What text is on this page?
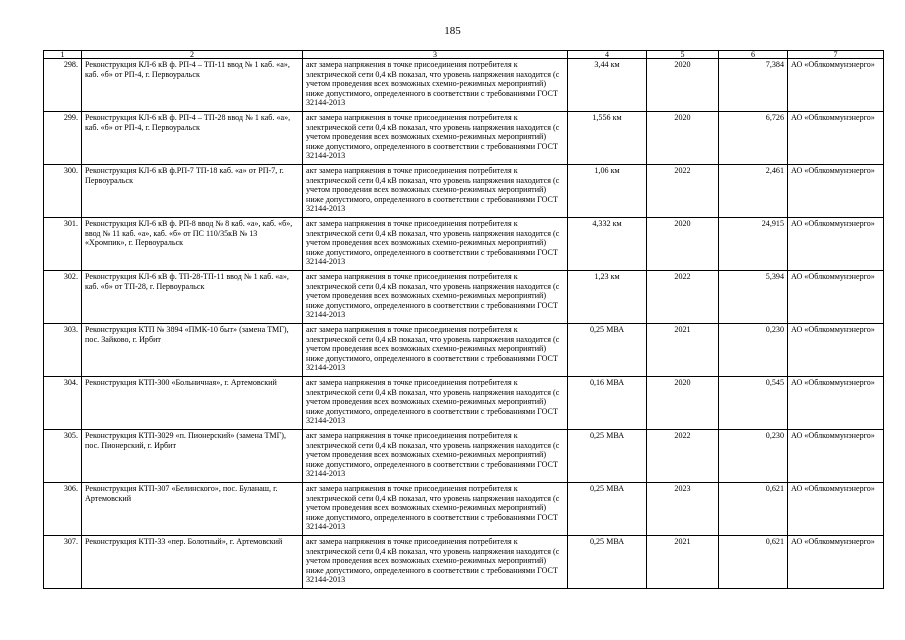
185
1	2	3	4	5	6	7
298.	Реконструкция КЛ-6 кВ ф. РП-4 – ТП-11 ввод № 1 каб. «а», каб. «б» от РП-4, г. Первоуральск	акт замера напряжения в точке присоединения потребителя к электрической сети 0,4 кВ показал, что уровень напряжения находится (с учетом проведения всех возможных схемно-режимных мероприятий) ниже допустимого, определенного в соответствии с требованиями ГОСТ 32144-2013	3,44 км	2020	7,384	АО «Облкоммунэнерго»
299.	Реконструкция КЛ-6 кВ ф. РП-4 – ТП-28 ввод № 1 каб. «а», каб. «б» от РП-4, г. Первоуральск	акт замера напряжения в точке присоединения потребителя к электрической сети 0,4 кВ показал, что уровень напряжения находится (с учетом проведения всех возможных схемно-режимных мероприятий) ниже допустимого, определенного в соответствии с требованиями ГОСТ 32144-2013	1,556 км	2020	6,726	АО «Облкоммунэнерго»
300.	Реконструкция КЛ-6 кВ ф.РП-7 ТП-18 каб. «а» от РП-7, г. Первоуральск	акт замера напряжения в точке присоединения потребителя к электрической сети 0,4 кВ показал, что уровень напряжения находится (с учетом проведения всех возможных схемно-режимных мероприятий) ниже допустимого, определенного в соответствии с требованиями ГОСТ 32144-2013	1,06 км	2022	2,461	АО «Облкоммунэнерго»
301.	Реконструкция КЛ-6 кВ ф. РП-8 ввод № 8 каб. «а», каб. «б», ввод № 11 каб. «а», каб. «б» от ПС 110/35кВ № 13 «Хромпик», г. Первоуральск	акт замера напряжения в точке присоединения потребителя к электрической сети 0,4 кВ показал, что уровень напряжения находится (с учетом проведения всех возможных схемно-режимных мероприятий) ниже допустимого, определенного в соответствии с требованиями ГОСТ 32144-2013	4,332 км	2020	24,915	АО «Облкоммунэнерго»
302.	Реконструкция КЛ-6 кВ ф. ТП-28-ТП-11 ввод № 1 каб. «а», каб. «б» от ТП-28, г. Первоуральск	акт замера напряжения в точке присоединения потребителя к электрической сети 0,4 кВ показал, что уровень напряжения находится (с учетом проведения всех возможных схемно-режимных мероприятий) ниже допустимого, определенного в соответствии с требованиями ГОСТ 32144-2013	1,23 км	2022	5,394	АО «Облкоммунэнерго»
303.	Реконструкция КТП № 3894 «ПМК-10 быт» (замена ТМГ), пос. Зайково, г. Ирбит	акт замера напряжения в точке присоединения потребителя к электрической сети 0,4 кВ показал, что уровень напряжения находится (с учетом проведения всех возможных схемно-режимных мероприятий) ниже допустимого, определенного в соответствии с требованиями ГОСТ 32144-2013	0,25 МВА	2021	0,230	АО «Облкоммунэнерго»
304.	Реконструкция КТП-300 «Больничная», г. Артемовский	акт замера напряжения в точке присоединения потребителя к электрической сети 0,4 кВ показал, что уровень напряжения находится (с учетом проведения всех возможных схемно-режимных мероприятий) ниже допустимого, определенного в соответствии с требованиями ГОСТ 32144-2013	0,16 МВА	2020	0,545	АО «Облкоммунэнерго»
305.	Реконструкция КТП-3029 «п. Пионерский» (замена ТМГ), пос. Пионерский, г. Ирбит	акт замера напряжения в точке присоединения потребителя к электрической сети 0,4 кВ показал, что уровень напряжения находится (с учетом проведения всех возможных схемно-режимных мероприятий) ниже допустимого, определенного в соответствии с требованиями ГОСТ 32144-2013	0,25 МВА	2022	0,230	АО «Облкоммунэнерго»
306.	Реконструкция КТП-307 «Белинского», пос. Буланаш, г. Артемовский	акт замера напряжения в точке присоединения потребителя к электрической сети 0,4 кВ показал, что уровень напряжения находится (с учетом проведения всех возможных схемно-режимных мероприятий) ниже допустимого, определенного в соответствии с требованиями ГОСТ 32144-2013	0,25 МВА	2023	0,621	АО «Облкоммунэнерго»
307.	Реконструкция КТП-33 «пер. Болотный», г. Артемовский	акт замера напряжения в точке присоединения потребителя к электрической сети 0,4 кВ показал, что уровень напряжения находится (с учетом проведения всех возможных схемно-режимных мероприятий) ниже допустимого, определенного в соответствии с требованиями ГОСТ 32144-2013	0,25 МВА	2021	0,621	АО «Облкоммунэнерго»
